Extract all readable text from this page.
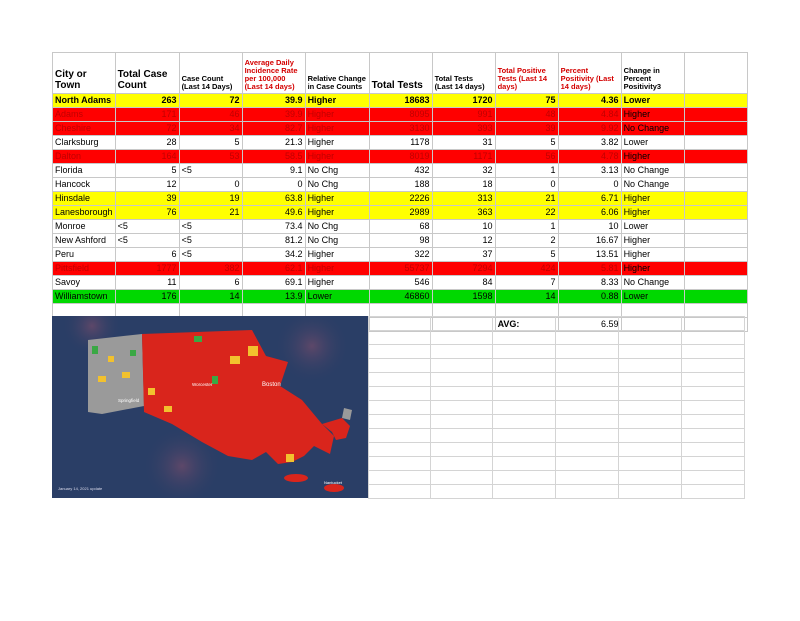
City or Town	Total Case Count	Case Count (Last 14 Days)	Average Daily Incidence Rate per 100,000 (Last 14 days)	Relative Change in Case Counts	Total Tests	Total Tests (Last 14 days)	Total Positive Tests (Last 14 days)	Percent Positivity (Last 14 days)	Change in Percent Positivity3	
North Adams	263	72	39.9	Higher	18683	1720	75	4.36	Lower	
Adams	171	46	39.9	Higher	8095	991	48	4.84	Higher	
Cheshire	72	34	82.7	Higher	3130	393	39	9.92	No Change	
Clarksburg	28	5	21.3	Higher	1178	31	5	3.82	Lower	
Dalton	164	53	58.5	Higher	8019	1171	56	4.78	Higher	
Florida	5	<5	9.1	No Chg	432	32	1	3.13	No Change	
Hancock	12	0	0	No Chg	188	18	0	0	No Change	
Hinsdale	39	19	63.8	Higher	2226	313	21	6.71	Higher	
Lanesborough	76	21	49.6	Higher	2989	363	22	6.06	Higher	
Monroe	<5	<5	73.4	No Chg	68	10	1	10	Lower	
New Ashford	<5	<5	81.2	No Chg	98	12	2	16.67	Higher	
Peru	6	<5	34.2	Higher	322	37	5	13.51	Higher	
Pittsfield	1777	382	62.1	Higher	55737	7294	424	5.81	Higher	
Savoy	11	6	69.1	Higher	546	84	7	8.33	No Change	
Williamstown	176	14	13.9	Lower	46860	1598	14	0.88	Lower	

							AVG:	6.59		
Springfield
Worcester	Boston
Nantucket
January 14, 2021 update
